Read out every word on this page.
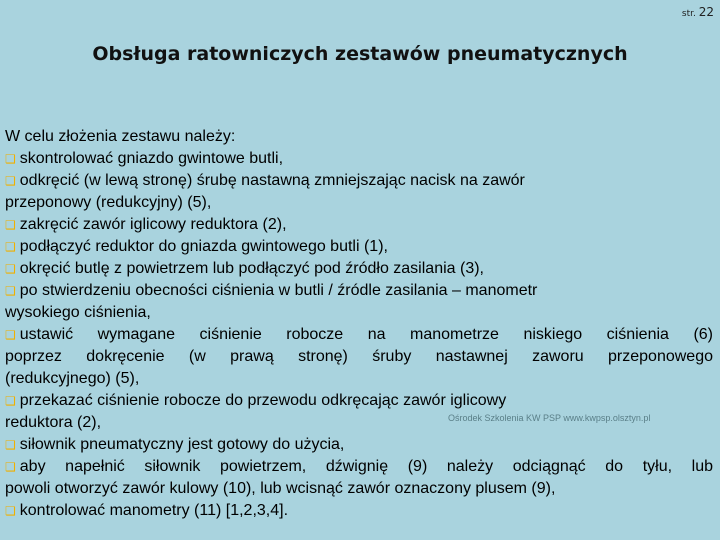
str. 22
Obsługa ratowniczych zestawów pneumatycznych
W celu złożenia zestawu należy:
❑ skontrolować gniazdo gwintowe butli,
❑ odkręcić (w lewą stronę) śrubę nastawną zmniejszając nacisk na zawór
przeponowy (redukcyjny) (5),
❑ zakręcić zawór iglicowy reduktora (2),
❑ podłączyć reduktor do gniazda gwintowego butli (1),
❑ okręcić butlę z powietrzem lub podłączyć pod źródło zasilania (3),
❑ po stwierdzeniu obecności ciśnienia w butli / źródle zasilania – manometr
wysokiego ciśnienia,
❑ ustawić wymagane ciśnienie robocze na manometrze niskiego ciśnienia (6)
poprzez dokręcenie (w prawą stronę) śruby nastawnej zaworu przeponowego
(redukcyjnego) (5),
❑ przekazać ciśnienie robocze do przewodu odkręcając zawór iglicowy
reduktora (2),
❑ siłownik pneumatyczny jest gotowy do użycia,
❑ aby napełnić siłownik powietrzem, dźwignię (9) należy odciągnąć do tyłu, lub
powoli otworzyć zawór kulowy (10), lub wcisnąć zawór oznaczony plusem (9),
❑ kontrolować manometry (11) [1,2,3,4].
Ośrodek Szkolenia KW PSP www.kwpsp.olsztyn.pl
